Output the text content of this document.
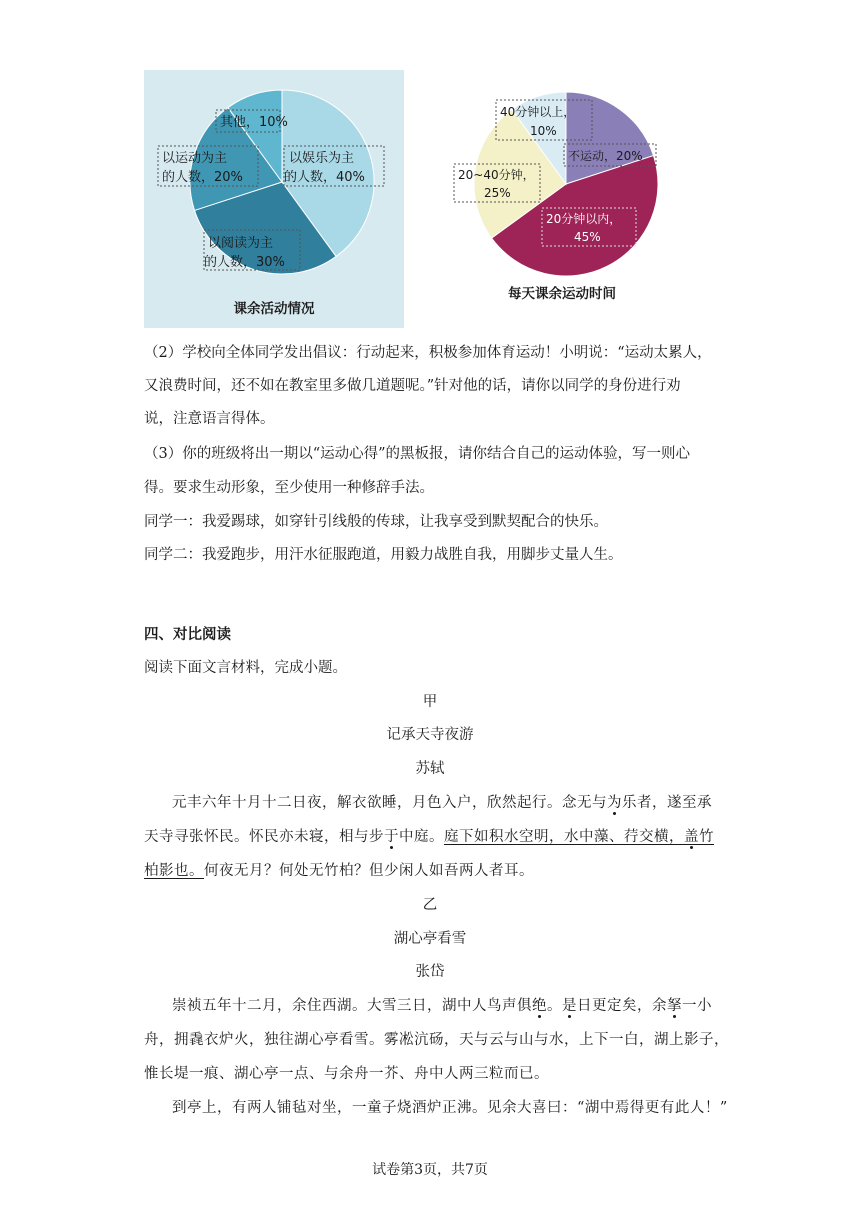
其他，10%
以运动为主
的人数，20%
以娱乐为主
的人数，40%
以阅读为主
的人数，30%
课余活动情况
40分钟以上，
10%
不运动，20%
20~40分钟，
25%
20分钟以内，
45%
每天课余运动时间
（2）学校向全体同学发出倡议：行动起来，积极参加体育运动！小明说：“运动太累人，
又浪费时间，还不如在教室里多做几道题呢。”针对他的话，请你以同学的身份进行劝
说，注意语言得体。
（3）你的班级将出一期以“运动心得”的黑板报，请你结合自己的运动体验，写一则心
得。要求生动形象，至少使用一种修辞手法。
同学一：我爱踢球，如穿针引线般的传球，让我享受到默契配合的快乐。
同学二：我爱跑步，用汗水征服跑道，用毅力战胜自我，用脚步丈量人生。
四、对比阅读
阅读下面文言材料，完成小题。
甲
记承天寺夜游
苏轼
元丰六年十月十二日夜，解衣欲睡，月色入户，欣然起行。念无与为乐者，遂至承
天寺寻张怀民。怀民亦未寝，相与步于中庭。庭下如积水空明，水中藻、荇交横，盖竹
柏影也。何夜无月？何处无竹柏？但少闲人如吾两人者耳。
乙
湖心亭看雪
张岱
崇祯五年十二月，余住西湖。大雪三日，湖中人鸟声俱绝。是日更定矣，余拏一小
舟，拥毳衣炉火，独往湖心亭看雪。雾凇沆砀，天与云与山与水，上下一白，湖上影子，
惟长堤一痕、湖心亭一点、与余舟一芥、舟中人两三粒而已。
到亭上，有两人铺毡对坐，一童子烧酒炉正沸。见余大喜曰：“湖中焉得更有此人！”
试卷第3页，共7页
